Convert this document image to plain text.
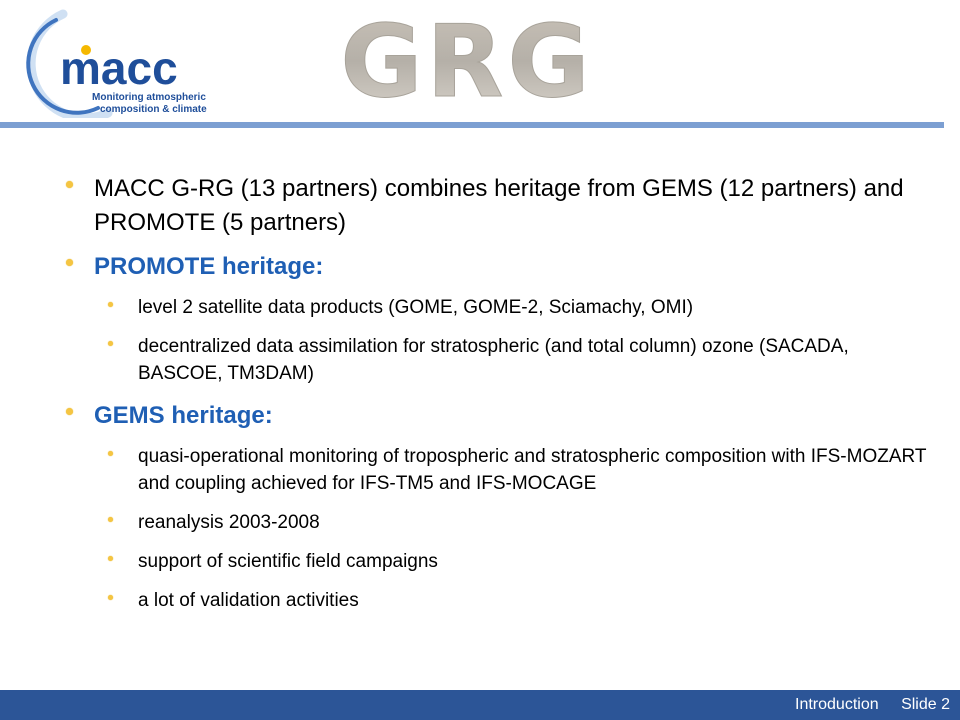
macc
Monitoring atmospheric
composition & climate GRG
MACC G-RG (13 partners) combines heritage from GEMS (12 partners) and PROMOTE (5 partners)
PROMOTE heritage:
level 2 satellite data products (GOME, GOME-2, Sciamachy, OMI)
decentralized data assimilation for stratospheric (and total column) ozone (SACADA, BASCOE, TM3DAM)
GEMS heritage:
quasi-operational monitoring of tropospheric and stratospheric composition with IFS-MOZART and coupling achieved for IFS-TM5 and IFS-MOCAGE
reanalysis 2003-2008
support of scientific field campaigns
a lot of validation activities
Introduction Slide 2
